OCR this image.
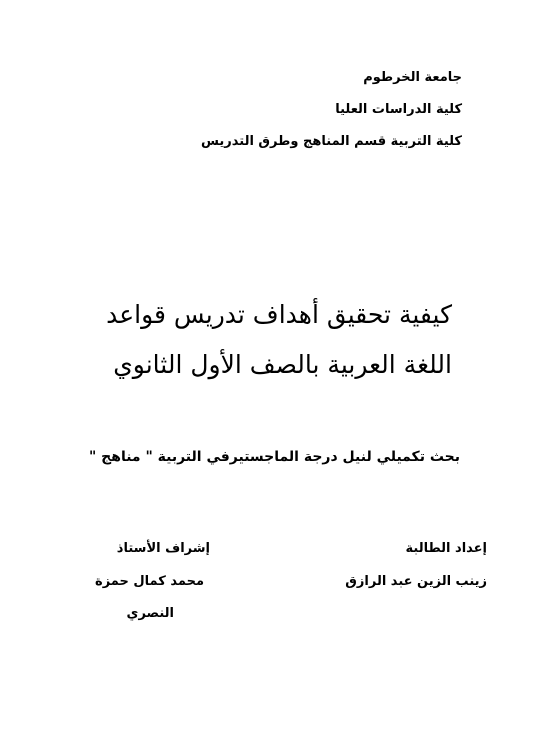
جامعة الخرطوم
كلية الدراسات العليا
كلية التربية قسم المناهج وطرق التدريس
كيفية تحقيق أهداف تدريس قواعد
اللغة العربية بالصف الأول الثانوي
بحث تكميلي لنيل درجة الماجستيرفي التربية " مناهج "
إعداد الطالبة
زينب الزين عبد الرازق
إشراف الأستاذ
محمد كمال حمزة
النصري
